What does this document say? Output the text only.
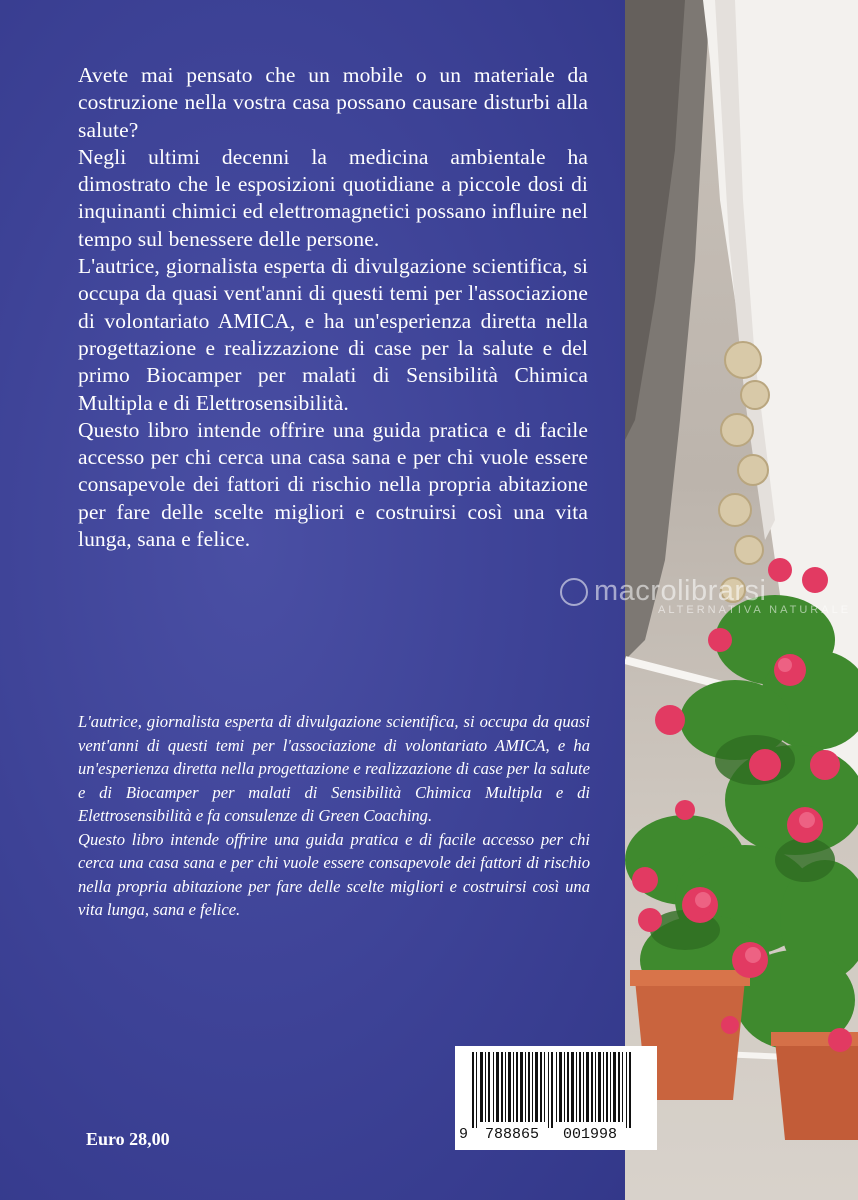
Avete mai pensato che un mobile o un materiale da costruzione nella vostra casa possano causare disturbi alla salute?

Negli ultimi decenni la medicina ambientale ha dimostrato che le esposizioni quotidiane a piccole dosi di inquinanti chimici ed elettromagnetici possano influire nel tempo sul benessere delle persone.

L'autrice, giornalista esperta di divulgazione scientifica, si occupa da quasi vent'anni di questi temi per l'associazione di volontariato AMICA, e ha un'esperienza diretta nella progettazione e realizzazione di case per la salute e del primo Biocamper per malati di Sensibilità Chimica Multipla e di Elettrosensibilità.

Questo libro intende offrire una guida pratica e di facile accesso per chi cerca una casa sana e per chi vuole essere consapevole dei fattori di rischio nella propria abitazione per fare delle scelte migliori e costruirsi così una vita lunga, sana e felice.

L'autrice, giornalista esperta di divulgazione scientifica, si occupa da quasi vent'anni di questi temi per l'associazione di volontariato AMICA, e ha un'esperienza diretta nella progettazione e realizzazione di case per la salute e di Biocamper per malati di Sensibilità Chimica Multipla e di Elettrosensibilità e fa consulenze di Green Coaching.

Questo libro intende offrire una guida pratica e di facile accesso per chi cerca una casa sana e per chi vuole essere consapevole dei fattori di rischio nella propria abitazione per fare delle scelte migliori e costruirsi così una vita lunga, sana e felice.

Euro 28,00
macrolibrarsi
ALTERNATIVA NATURALE
9 788865 001998
